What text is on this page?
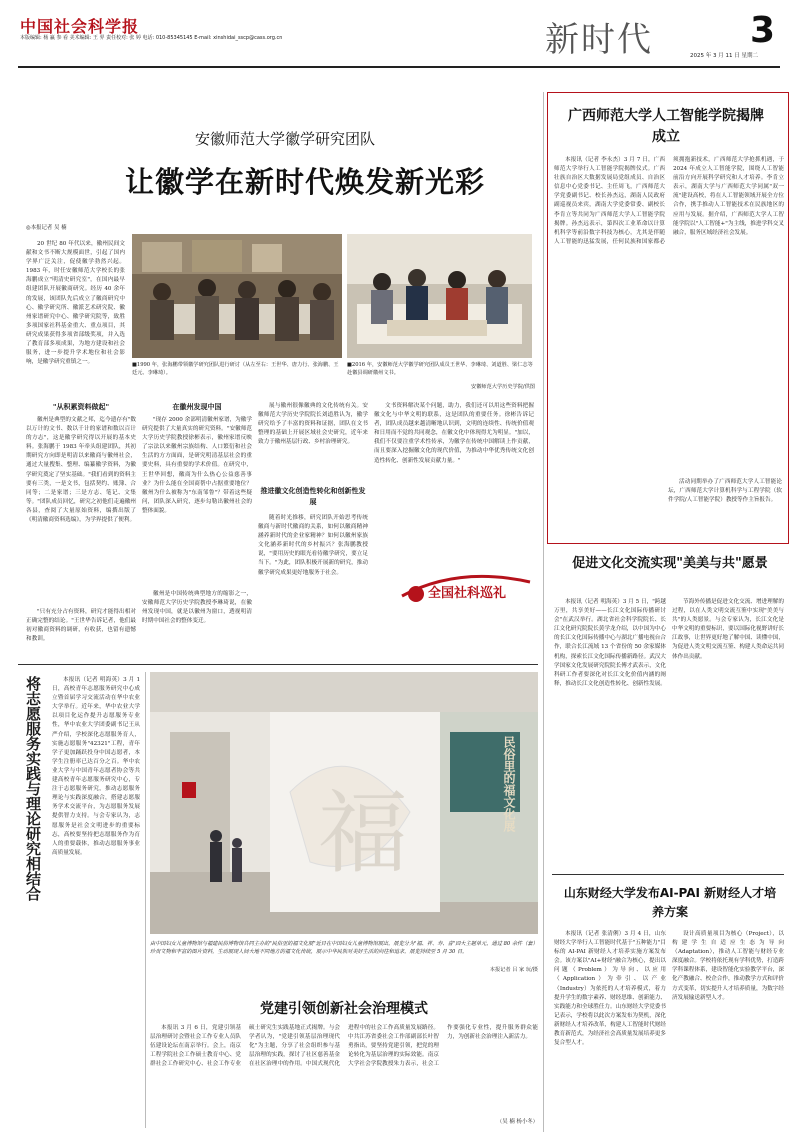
中国社会科学报
本版编辑: 杨 赢 参 看 美术编辑: 王 羿 责任校对: 张 婷 电话: 010-85345145 E-mail: xinshidai_sscp@cass.org.cn	新时代	3
2025 年 3 月 11 日 星期二
安徽师范大学徽学研究团队
让徽学在新时代焕发新光彩
◎本报记者 吴 楠
20 世纪 80 年代以来，徽州民间文献和文书不断大规模面世，引起了国内学界广泛关注，促使徽学勃然兴起。1983 年，时任安徽师范大学校长的张海鹏成立"明清史研究室"，在国内最早组建团队开展徽商研究。经历 40 余年的发展，该团队先后成立了徽商研究中心、徽学研究所、徽派艺术研究院、徽州家谱研究中心、徽学研究院等，致胜多项国家社科基金重大、重点项目，其研究成果获得多项省部级奖项，并入选了教育部多项成果，为地方建设和社会服务，进一步提升学术地位和社会影响，是徽学研究重镇之一。	■1990 年，张海鹏带领徽学研究团队进行研讨（从左至右：王世华、唐力行、张海鹏、王廷元、李琳琦）。
■2016 年，安徽师范大学徽学研究团队成员王世华、李琳琦、刘道胜、梁仁志等赴徽县调研徽州文书。
安徽师范大学历史学院/供图
"从积累资料做起"
徽州是典型的文献之邦，迄今遗存有"数以万计的文书、数以千计的家谱和数以百计的方志"，这是徽学研究得以开展的基本史料。张海鹏于 1983 年牵头组建团队，其初期研究方向即是明清以来徽商与徽州社会，通过大量搜集、整理、编纂徽学资料，为徽学研究奠定了坚实基础。"我们看到的资料主要有三类，一是文书，包括契约、账簿、合同等；二是家谱；三是方志、笔记、文集等。"团队成员回忆，研究之初他们走遍徽州各县，查阅了大量原始资料，编撰出版了《明清徽商资料选编》，为学界提供了便利。
"只有充分占有资料，研究才能得出相对正确完整的结论。"王世华告诉记者，他们最初对徽商资料的调研，有收获，也留有遗憾和教训。
在徽州发现中国
"现存 2000 余部明清徽州家谱，为徽学研究提供了大量真实的研究资料。"安徽师范大学历史学院教授徐彬表示，徽州家谱反映了宗法以来徽州宗族结构、人口繁衍和社会生活的方方面面，是研究明清基层社会的重要史料，具有重要的学术价值。在研究中，王世华回想，徽商为什么热心公益慈善事业？为什么能在全国商帮中占据重要地位？徽州为什么被称为"东南邹鲁"？带着这些疑问，团队深入研究，逐步勾勒出徽州社会的整体面貌。
徽州是中国传统典型地方的缩影之一，安徽师范大学历史学院教授李琳琦说，在徽州发现中国，就是以徽州为窗口，透视明清时期中国社会的整体变迁。
展与徽州很像徽典的文化传统有关。安徽师范大学历史学院院长刘道胜认为，徽学研究给予了丰富的资料和证据，团队在文书整理的基础上开展区域社会史研究，近年来致力于徽州基层行政、乡村治理研究。
推进徽文化创造性转化和创新性发展
随着时光推移，研究团队开始思考传统徽商与新时代徽商的关系，如何以徽商精神涵养新时代的企业家精神？如何以徽州家族文化涵养新时代的乡村振兴？张海鹏教授说，"要用历史的眼光看待徽学研究，要立足当下。"为此，团队积极开展新的研究，推动徽学研究成果更好地服务于社会。
文书资料解决某个问题，助力，我们还可以用这些资料把握徽文化与中华文明的联系，这是团队的重要任务。徐彬告诉记者，团队成员越来越清晰地认识到，文明的连续性、传统价值观和日用而不觉的共同观念，在徽文化中体现得尤为明显。"加以，我们不仅要注重学术性传承，为徽学在传统中国解读上作贡献，而且要深入挖掘徽文化的现代价值，为推动中华优秀传统文化创造性转化、创新性发展贡献力量。"
全国社科巡礼
广西师范大学人工智能学院揭牌成立
本报讯（记者 李永杰）3 月 7 日，广西师范大学举行人工智能学院揭牌仪式。广西壮族自治区大数据发展局党组成员、自治区信息中心党委书记、主任周飞，广西师范大学党委副书记、校长孙杰远，湖南人民政府副巡视员来宾，湖南大学党委常委、副校长李肯立等共同为广西师范大学人工智能学院揭牌。孙杰远表示，第四次工业革命以计算机科学等前沿数字科技为核心，尤其是伴随人工智能的迅猛发展，任何民族和国家都必须拥抱新技术，广西师范大学抢抓机遇，于 2024 年成立人工智能学院，围绕人工智能前沿方向开展科学研究和人才培养。李肯立表示，湖南大学与广西师范大学同属"双一流"建设高校，将在人工智能领域开展全方位合作，携手推动人工智能技术在民族地区的应用与发展。据介绍，广西师范大学人工智能学院以"人工智能+"为主线，推进学科交叉融合，服务区域经济社会发展。
活动同期举办了广西师范大学人工智能论坛，广西师范大学计算机科学与工程学院（软件学院/人工智能学院）教授等作主旨报告。
促进文化交流实现"美美与共"愿景
本报讯（记者 明海英）3 月 5 日，"跨越万里，共享美好——长江文化国际传播研讨会"在武汉举行。湖北省社会科学院院长、长江文化研究院院长黄学龙介绍，以中国为中心的长江文化国际传播中心与湖北广播电视台合作，联合长江流域 13 个省份的 50 余家媒体机构，探索长江文化国际传播新路径。武汉大学国家文化发展研究院院长傅才武表示，文化科研工作者要深化对长江文化价值内涵的阐释，推动长江文化创造性转化、创新性发展。
节海外传播是促进文化交流、增进理解的过程，以在人类文明交流互鉴中实现"美美与共"的人类愿景。与会专家认为，长江文化是中华文明的重要标识，要以国际化视野讲好长江故事，让世界更好地了解中国、读懂中国，为促进人类文明交流互鉴、构建人类命运共同体作出贡献。
山东财经大学发布AI-PAI 新财经人才培养方案
本报讯（记者 张清俐）3 月 4 日，山东财经大学举行人工智能时代基于"五种能力"目标的 AI-PAI 新财经人才培养实施方案发布会。该方案以"AI+财经"融合为核心，提出以问题（Problem）为导向、以应用（Application）为牵引、以产业（Industry）为依托的人才培养模式，着力提升学生的数字素养、财经思维、创新能力、实践能力和全球胜任力。山东财经大学党委书记表示，学校将以此次方案发布为契机，深化新财经人才培养改革，构建人工智能时代财经教育新范式，为经济社会高质量发展培养更多复合型人才。
设计高质量项目为核心（Project），以构建学生自适应生态为导向（Adaptation），推动人工智能与财经专业深度融合。学校将依托现有学科优势，打造跨学科课程体系，建设智能化实验教学平台，深化产教融合、校企合作，推动教学方式和评价方式变革，切实提升人才培养质量，为数字经济发展输送新型人才。
将志愿服务实践与理论研究相结合	本报讯（记者 明海英）3 月 1 日，高校青年志愿服务研究中心成立暨首届学习交流活动在华中农业大学举行。近年来，华中农业大学以项目化运作提升志愿服务专业性，华中农业大学团委副书记王从严介绍，学校深化志愿服务育人，实施志愿服务"42321"工程，青年学子更加踊跃投身中国志愿者，本学生注册率已达百分之百。华中农业大学与中国青年志愿者协会等共建高校青年志愿服务研究中心，专注于志愿服务研究，推动志愿服务理论与实践深度融合，搭建志愿服务学术交流平台，为志愿服务发展提供智力支持。与会专家认为，志愿服务是社会文明进步的重要标志，高校要坚持把志愿服务作为育人的重要载体，推动志愿服务事业高质量发展。	福	民俗里的福文化展
由中国妇女儿童博物馆与福建民俗博物馆共同主办的"民俗里的福文化展"近日在中国妇女儿童博物馆展出。展览分为"福、祥、寿、喜"四大主题单元，通过 80 余件（套）珍贵文物和丰富的图片资料，生动展现人间大地不同地方的福文化传统，展示中华民族对美好生活的向往和追求。展览持续至 5 月 30 日。
本报记者 吕 家 玩/摄
党建引领创新社会治理模式
本报讯 3 月 6 日，党建引领基层治理研讨会暨社会工作专业人员队伍建设论坛在南京举行。会上，南京工程学院社会工作硕士教育中心、党群社会工作研究中心、社会工作专业硕士研究生实践基地正式揭牌。与会学者认为，"党建引领基层治理现代化"为主题，分享了社会组织参与基层治理的实践，探讨了社区慈善基金在社区治理中的作用。中国式现代化进程中的社会工作高质量发展路径。中共江苏省委社会工作部副部长叶智勇指出，要坚持党建引领，把党的理论转化为基层治理的实际效能。南京大学社会学院教授朱力表示，社会工作要强化专业性，提升服务群众能力，为创新社会治理注入新活力。
（吴 楠 杨小冬）
